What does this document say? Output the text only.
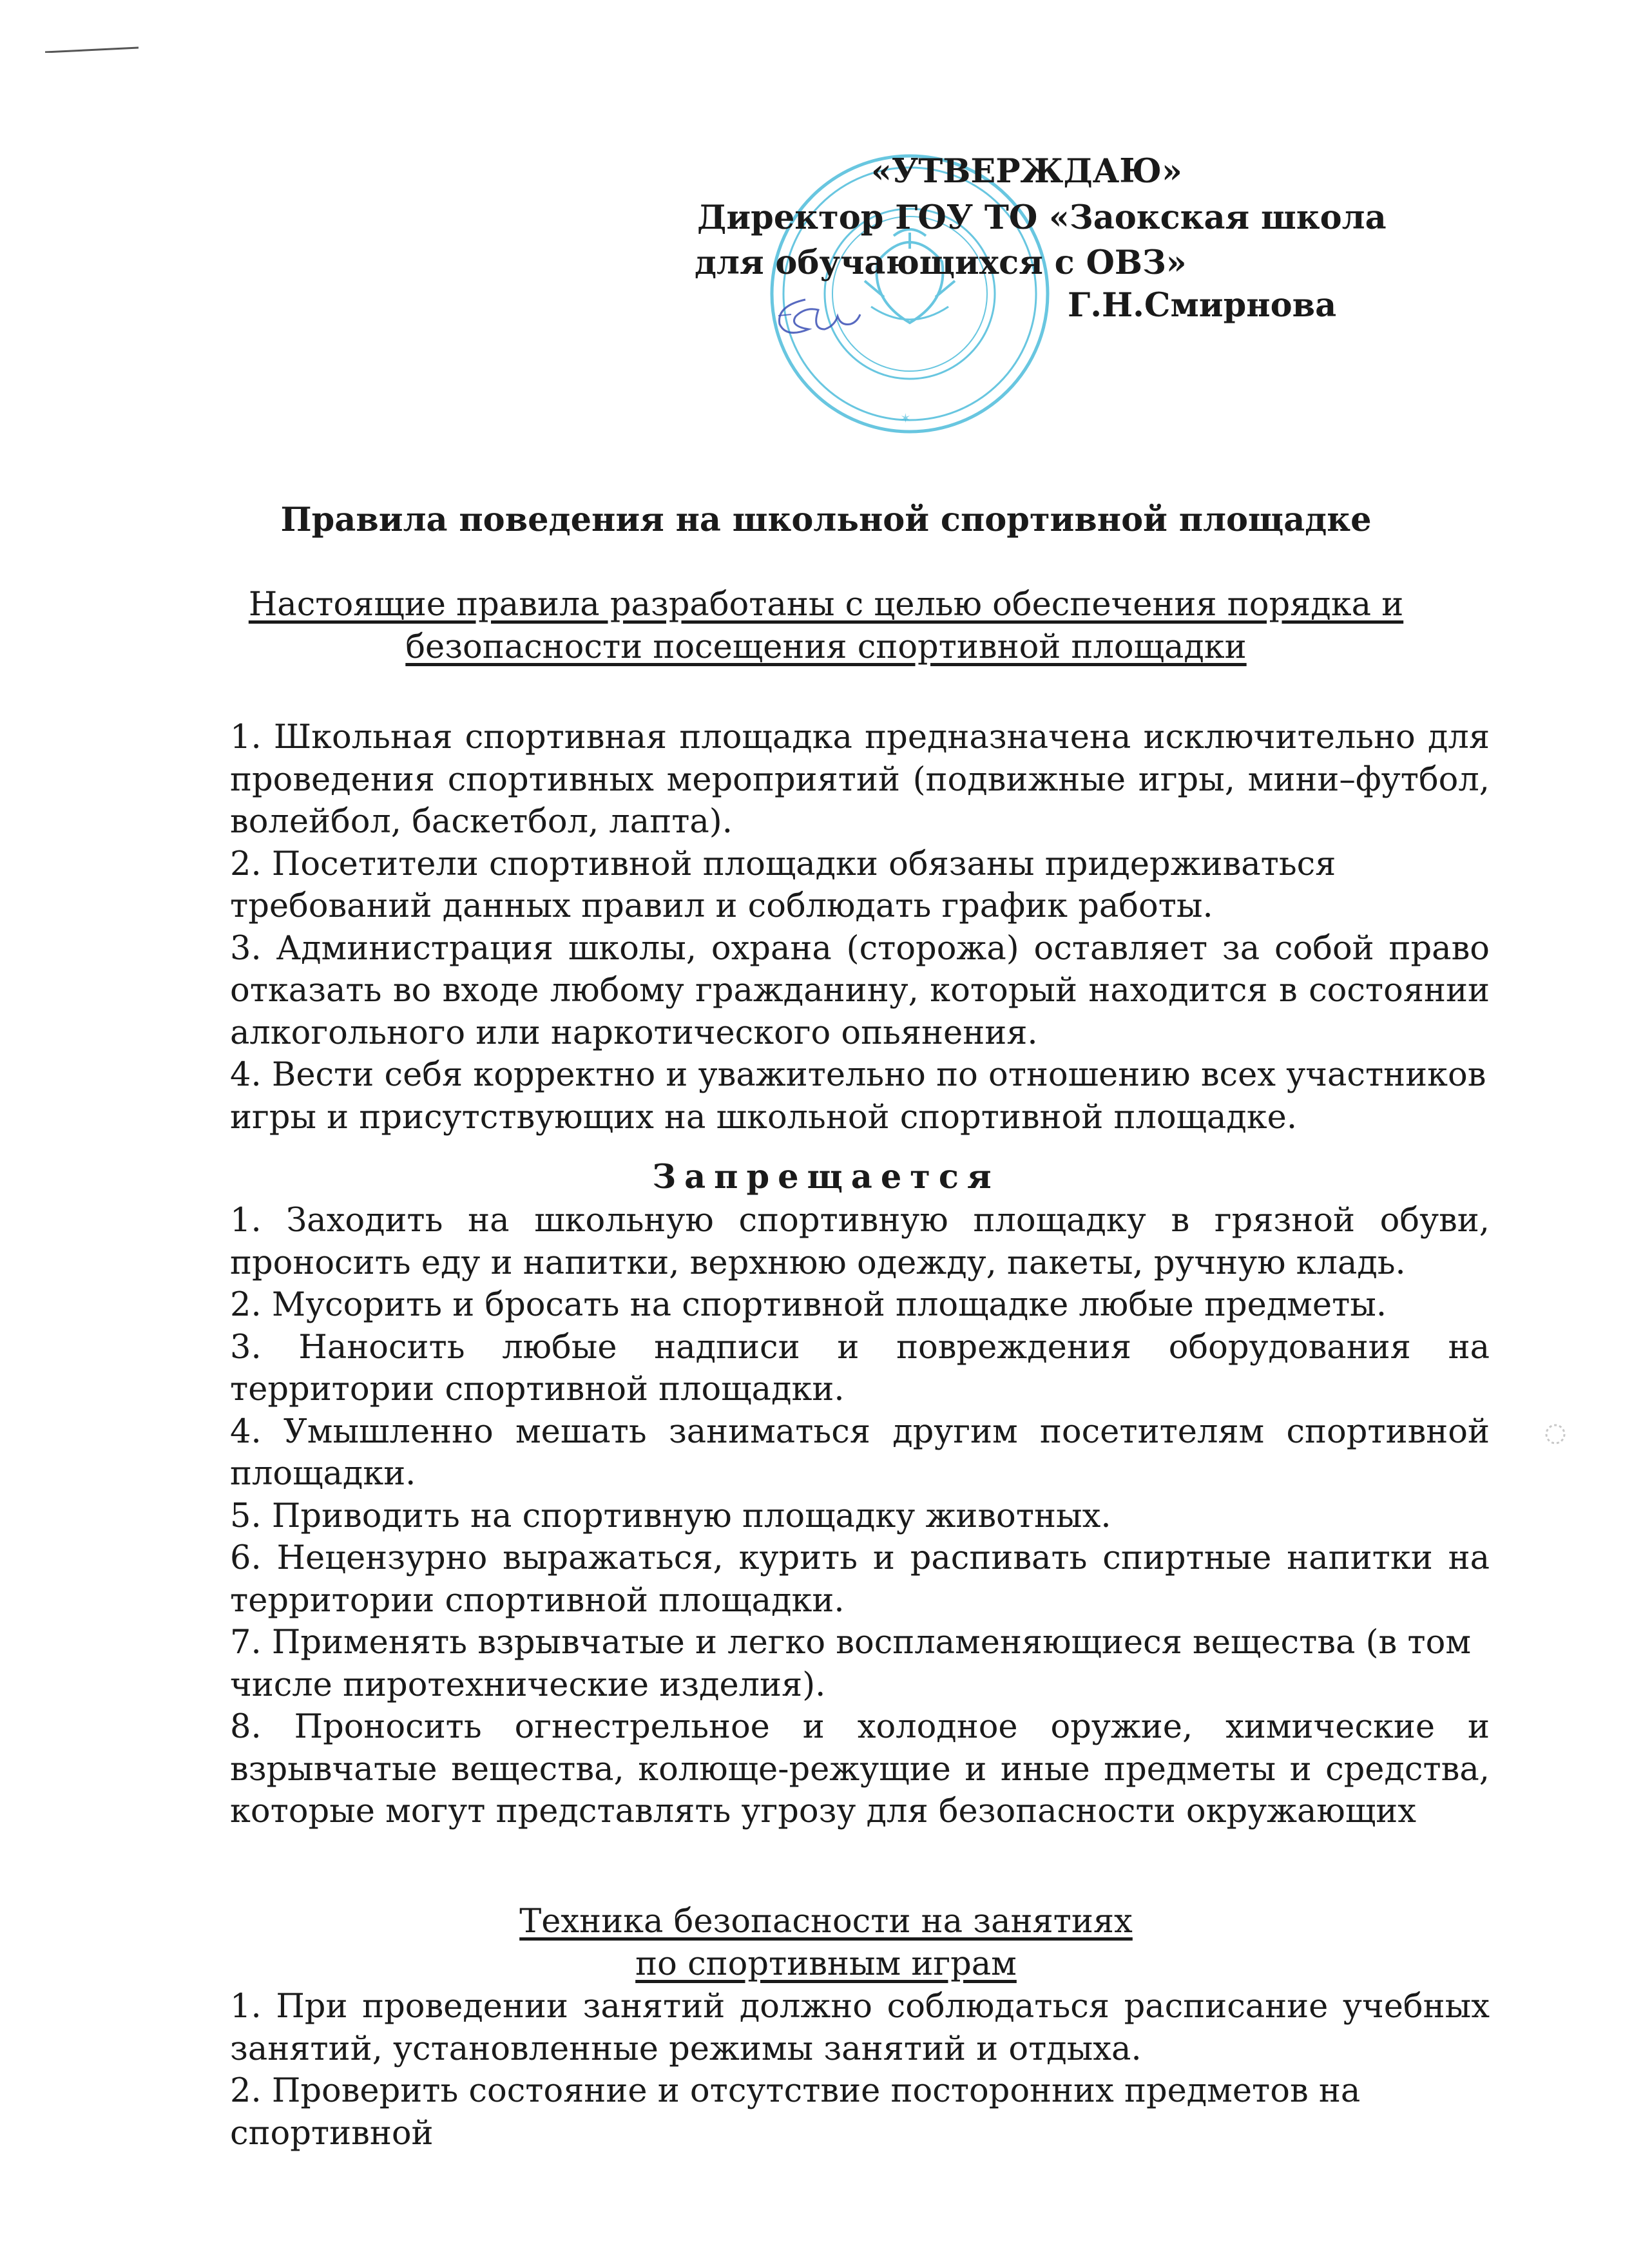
✶
«УТВЕРЖДАЮ»
Директор ГОУ ТО «Заокская школа
для обучающихся с ОВЗ»
Г.Н.Смирнова
Правила поведения на школьной спортивной площадке
Настоящие правила разработаны с целью обеспечения порядка и
безопасности посещения спортивной площадки

1. Школьная спортивная площадка предназначена исключительно для проведения спортивных мероприятий (подвижные игры, мини–футбол, волейбол, баскетбол, лапта).

2. Посетители спортивной площадки обязаны придерживаться требований данных правил и соблюдать график работы.

3. Администрация школы, охрана (сторожа) оставляет за собой право отказать во входе любому гражданину, который находится в состоянии алкогольного или наркотического опьянения.

4. Вести себя корректно и уважительно по отношению всех участников игры и присутствующих на школьной спортивной площадке.

Запрещается

1. Заходить на школьную спортивную площадку в грязной обуви, проносить еду и напитки, верхнюю одежду, пакеты, ручную кладь.

2. Мусорить и бросать на спортивной площадке любые предметы.

3. Наносить любые надписи и повреждения оборудования на территории спортивной площадки.

4. Умышленно мешать заниматься другим посетителям спортивной площадки.

5. Приводить на спортивную площадку животных.

6. Нецензурно выражаться, курить и распивать спиртные напитки на территории спортивной площадки.

7. Применять взрывчатые и легко воспламеняющиеся вещества (в том числе пиротехнические изделия).

8. Проносить огнестрельное и холодное оружие, химические и взрывчатые вещества, колюще-режущие и иные предметы и средства, которые могут представлять угрозу для безопасности окружающих

Техника безопасности на занятиях
по спортивным играм

1. При проведении занятий должно соблюдаться расписание учебных занятий, установленные режимы занятий и отдыха.

2. Проверить состояние и отсутствие посторонних предметов на спортивной
